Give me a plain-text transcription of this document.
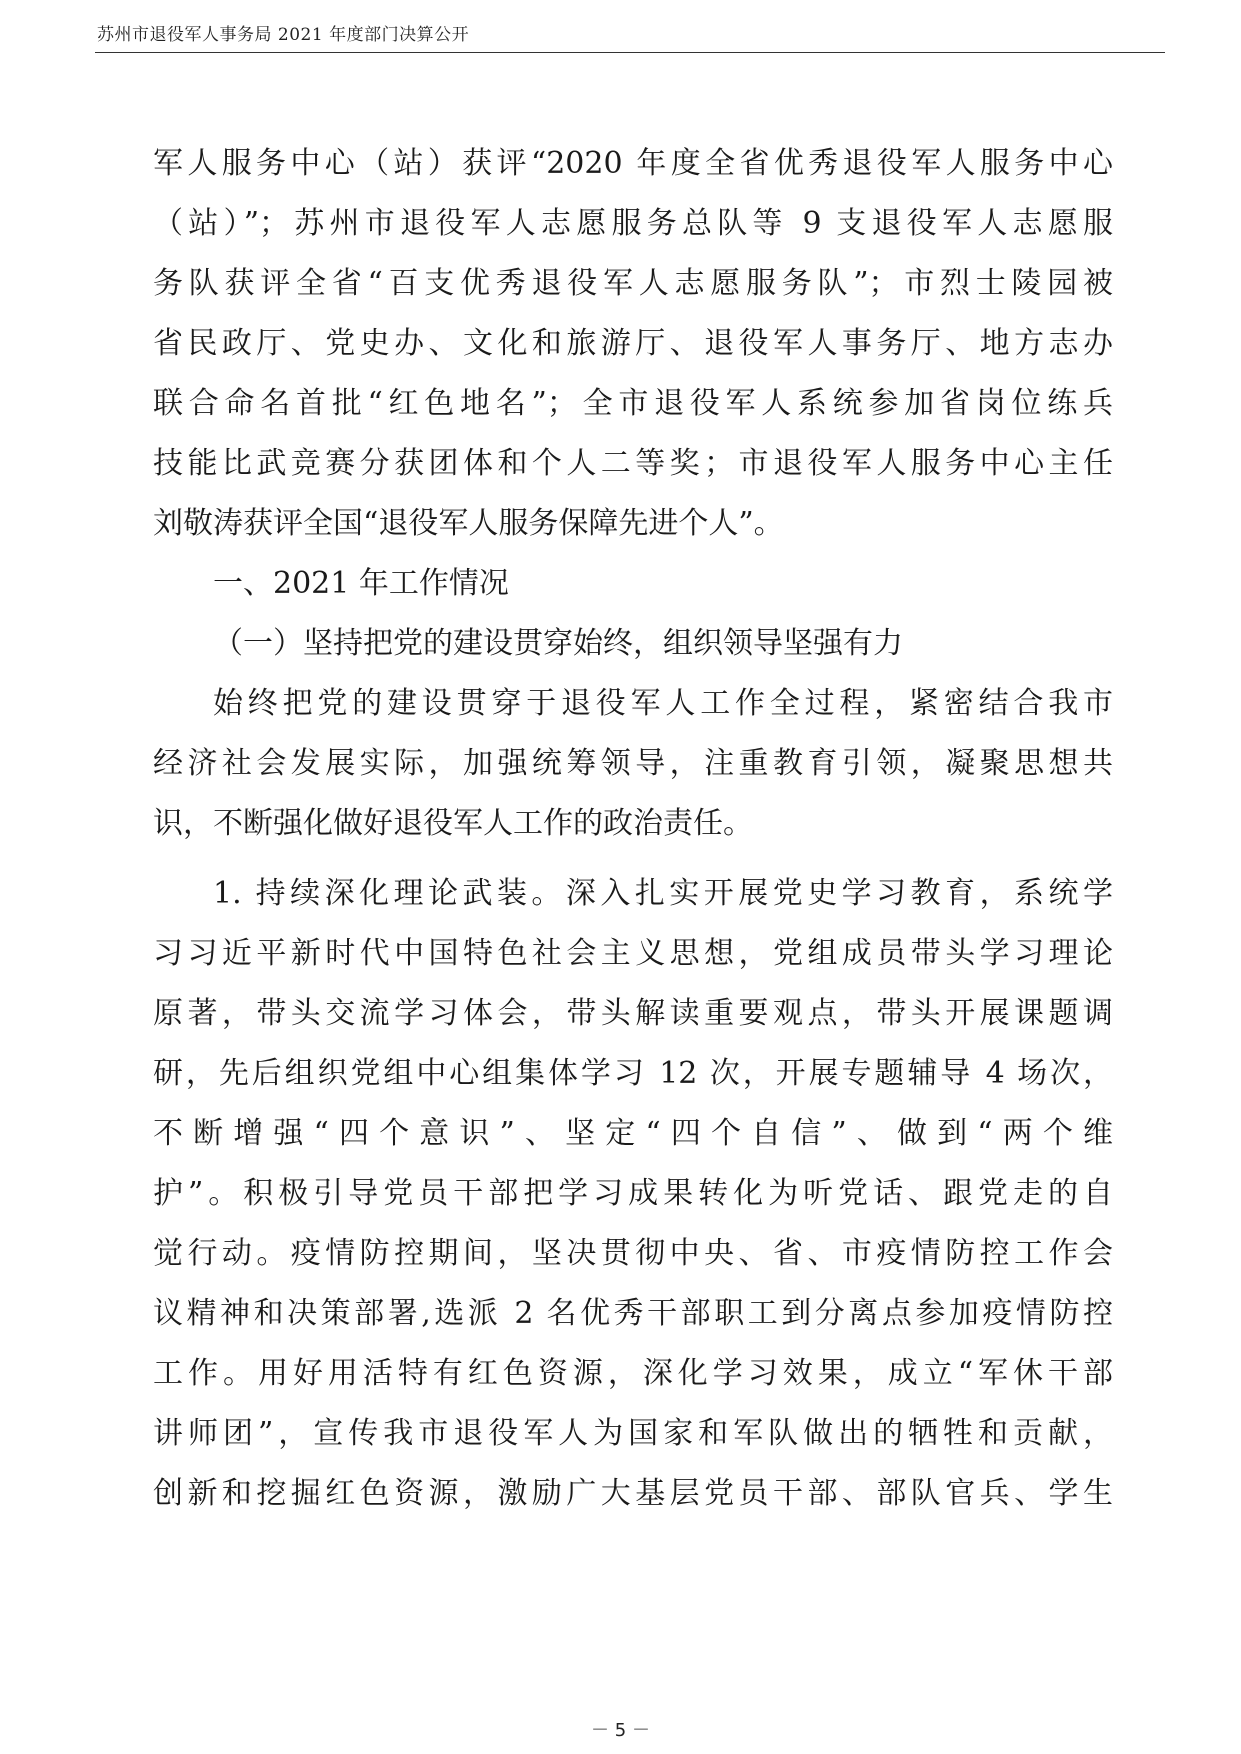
苏州市退役军人事务局 2021 年度部门决算公开
军人服务中心（站）获评“2020 年度全省优秀退役军人服务中心
（站）”；苏州市退役军人志愿服务总队等 9 支退役军人志愿服
务队获评全省“百支优秀退役军人志愿服务队”；市烈士陵园被
省民政厅、党史办、文化和旅游厅、退役军人事务厅、地方志办
联合命名首批“红色地名”；全市退役军人系统参加省岗位练兵
技能比武竞赛分获团体和个人二等奖；市退役军人服务中心主任
刘敬涛获评全国“退役军人服务保障先进个人”。
一、2021 年工作情况
（一）坚持把党的建设贯穿始终，组织领导坚强有力
始终把党的建设贯穿于退役军人工作全过程，紧密结合我市
经济社会发展实际，加强统筹领导，注重教育引领，凝聚思想共
识，不断强化做好退役军人工作的政治责任。
1. 持续深化理论武装。深入扎实开展党史学习教育，系统学
习习近平新时代中国特色社会主义思想，党组成员带头学习理论
原著，带头交流学习体会，带头解读重要观点，带头开展课题调
研，先后组织党组中心组集体学习 12 次，开展专题辅导 4 场次，
不断增强“四个意识”、坚定“四个自信”、做到“两个维
护”。积极引导党员干部把学习成果转化为听党话、跟党走的自
觉行动。疫情防控期间，坚决贯彻中央、省、市疫情防控工作会
议精神和决策部署,选派 2 名优秀干部职工到分离点参加疫情防控
工作。用好用活特有红色资源，深化学习效果，成立“军休干部
讲师团”，宣传我市退役军人为国家和军队做出的牺牲和贡献，
创新和挖掘红色资源，激励广大基层党员干部、部队官兵、学生
－ 5 －
